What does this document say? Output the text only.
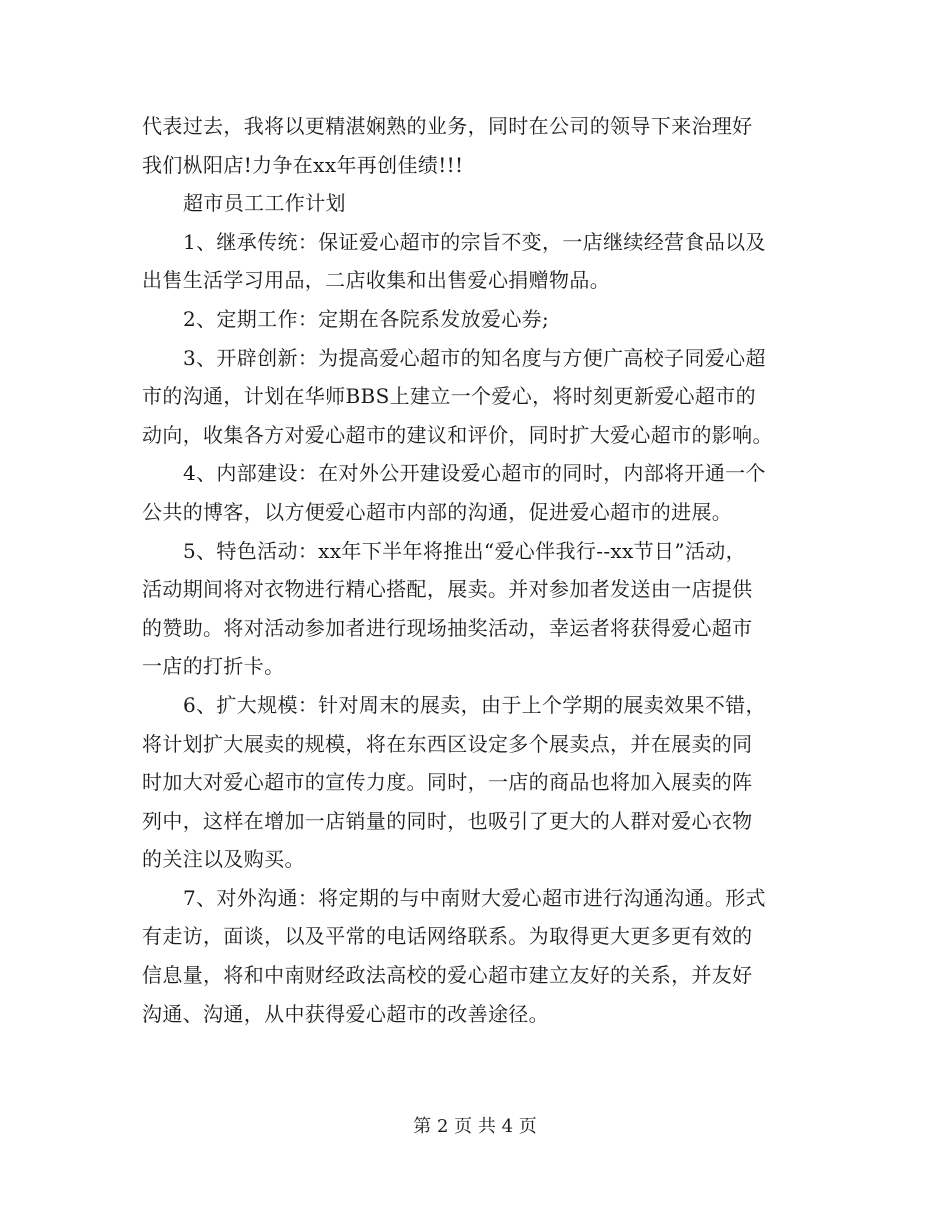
代表过去，我将以更精湛娴熟的业务，同时在公司的领导下来治理好
我们枞阳店!力争在xx年再创佳绩!!!
超市员工工作计划
1、继承传统：保证爱心超市的宗旨不变，一店继续经营食品以及
出售生活学习用品，二店收集和出售爱心捐赠物品。
2、定期工作：定期在各院系发放爱心券;
3、开辟创新：为提高爱心超市的知名度与方便广高校子同爱心超
市的沟通，计划在华师BBS上建立一个爱心，将时刻更新爱心超市的
动向，收集各方对爱心超市的建议和评价，同时扩大爱心超市的影响。
4、内部建设：在对外公开建设爱心超市的同时，内部将开通一个
公共的博客，以方便爱心超市内部的沟通，促进爱心超市的进展。
5、特色活动：xx年下半年将推出“爱心伴我行--xx节日”活动，
活动期间将对衣物进行精心搭配，展卖。并对参加者发送由一店提供
的赞助。将对活动参加者进行现场抽奖活动，幸运者将获得爱心超市
一店的打折卡。
6、扩大规模：针对周末的展卖，由于上个学期的展卖效果不错，
将计划扩大展卖的规模，将在东西区设定多个展卖点，并在展卖的同
时加大对爱心超市的宣传力度。同时，一店的商品也将加入展卖的阵
列中，这样在增加一店销量的同时，也吸引了更大的人群对爱心衣物
的关注以及购买。
7、对外沟通：将定期的与中南财大爱心超市进行沟通沟通。形式
有走访，面谈，以及平常的电话网络联系。为取得更大更多更有效的
信息量，将和中南财经政法高校的爱心超市建立友好的关系，并友好
沟通、沟通，从中获得爱心超市的改善途径。
第 2 页 共 4 页
